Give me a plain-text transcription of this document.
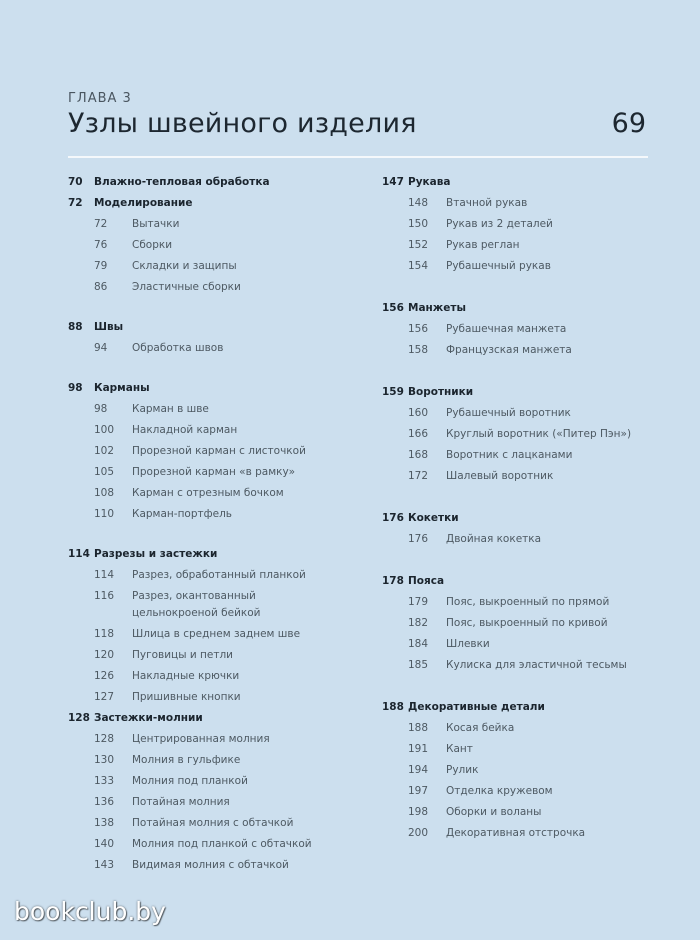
ГЛАВА 3
Узлы швейного изделия	69
70	Влажно-тепловая обработка
72	Моделирование
72	Вытачки
76	Сборки
79	Складки и защипы
86	Эластичные сборки
88	Швы
94	Обработка швов
98	Карманы
98	Карман в шве
100	Накладной карман
102	Прорезной карман с листочкой
105	Прорезной карман «в рамку»
108	Карман с отрезным бочком
110	Карман-портфель
114 Разрезы и застежки
114	Разрез, обработанный планкой
116	Разрез, окантованный
цельнокроеной бейкой
118	Шлица в среднем заднем шве
120	Пуговицы и петли
126	Накладные крючки
127	Пришивные кнопки
128 Застежки-молнии
128	Центрированная молния
130	Молния в гульфике
133	Молния под планкой
136	Потайная молния
138	Потайная молния с обтачкой
140	Молния под планкой с обтачкой
143	Видимая молния с обтачкой
147 Рукава
148	Втачной рукав
150	Рукав из 2 деталей
152	Рукав реглан
154	Рубашечный рукав
156 Манжеты
156	Рубашечная манжета
158	Французская манжета
159 Воротники
160	Рубашечный воротник
166	Круглый воротник («Питер Пэн»)
168	Воротник с лацканами
172	Шалевый воротник
176 Кокетки
176	Двойная кокетка
178 Пояса
179	Пояс, выкроенный по прямой
182	Пояс, выкроенный по кривой
184	Шлевки
185	Кулиска для эластичной тесьмы
188 Декоративные детали
188	Косая бейка
191	Кант
194	Рулик
197	Отделка кружевом
198	Оборки и воланы
200	Декоративная отстрочка
bookclub.by
